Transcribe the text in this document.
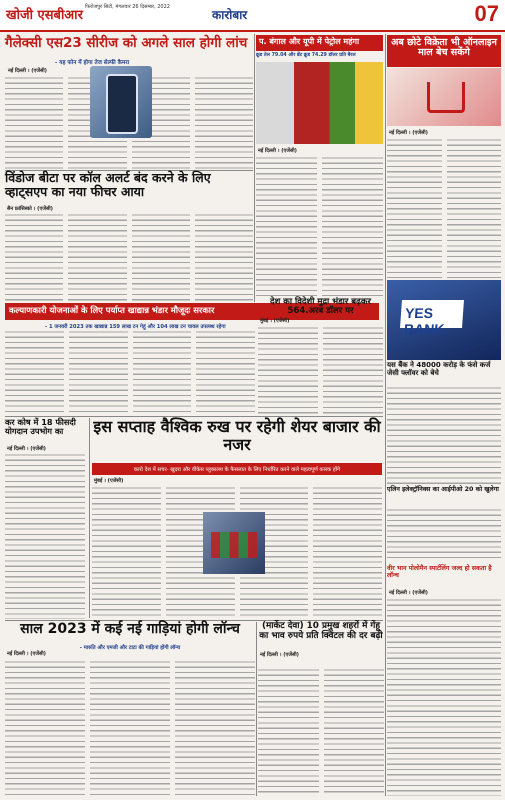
खोजी एसबीआर
फिरोजपुर सिटी, मंगलवार 26 दिसम्बर, 2022
कारोबार	07
गैलेक्सी एस23 सीरीज को अगले साल होगी लांच
- यह फोन में होगा तेज सेल्फी कैमरा
नई दिल्ली । (एजेंसी)
प. बंगाल और यूपी में पेट्रोल महंगा
क्रूड तेल 79.04 और ब्रेंट क्रूड 74.29 डॉलर प्रति बैरल
नई दिल्ली । (एजेंसी)
अब छोटे विक्रेता भी ऑनलाइन माल बेच सकेंगे
नई दिल्ली । (एजेंसी)
विंडोज बीटा पर कॉल अलर्ट बंद करने के लिए व्हाट्सएप का नया फीचर आया
सैन फ्रांसिस्को । (एजेंसी)
कल्याणकारी योजनाओं के लिए पर्याप्त खाद्यान्न भंडार मौजूदः सरकार
- 1 जनवरी 2023 तक खाद्यान्न 159 लाख टन गेहूं और 104 लाख टन चावल उपलब्ध रहेगा
देश का विदेशी मुद्रा भंडार बढ़कर 564.अरब डॉलर पर
मुंबई । (एजेंसी)	YES BANK
यस बैंक ने 48000 करोड़ के फंसे कर्ज जेसी फ्लॉवर को बेचे
एलिन इलेक्ट्रॉनिक्स का आईपीओ 20 को खुलेगा
वीर भान पोलोमैन स्पार्टलिंग जल्द हो सकता है लॉन्च
नई दिल्ली । (एजेंसी)
कर कोष में 18 फीसदी योगदान उपभोग का
नई दिल्ली । (एजेंसी)
इस सप्ताह वैश्विक रुख पर रहेगी शेयर बाजार की नजर
कारो देश में सचर- खुदरा और वीकेस प्लुकालय के फैसलात के लिए निर्धारित करने वाले महत्वपूर्ण कारक होंगे
मुंबई । (एजेंसी)
साल 2023 में कई नई गाड़ियां होगी लॉन्च
- मारुति और एमजी और टाटा की गाड़ियां होंगी लॉन्च
नई दिल्ली । (एजेंसी)
(मार्केट देवा) 10 प्रमुख शहरों में गेंहू का भाव रुपये प्रति क्विंटल की दर बढ़ी
नई दिल्ली । (एजेंसी)
